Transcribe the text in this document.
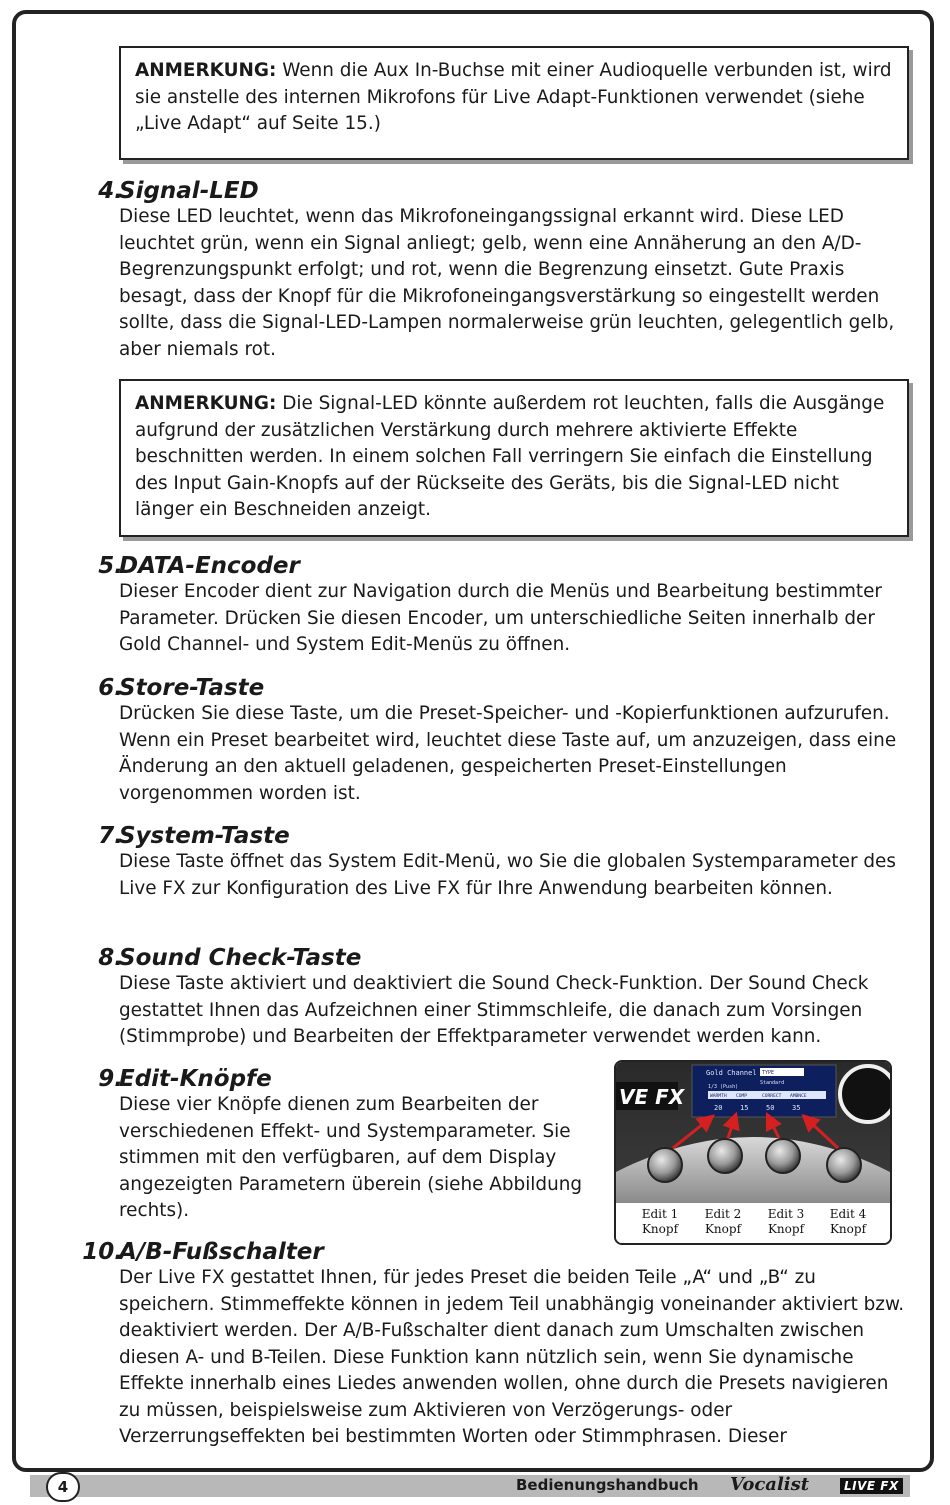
ANMERKUNG: Wenn die Aux In-Buchse mit einer Audioquelle verbunden ist, wird sie anstelle des internen Mikrofons für Live Adapt-Funktionen verwendet (siehe „Live Adapt“ auf Seite 15.)
4.
Signal-LED
Diese LED leuchtet, wenn das Mikrofoneingangssignal erkannt wird. Diese LED leuchtet grün, wenn ein Signal anliegt; gelb, wenn eine Annäherung an den A/D-Begrenzungspunkt erfolgt; und rot, wenn die Begrenzung einsetzt. Gute Praxis besagt, dass der Knopf für die Mikrofoneingangsverstärkung so eingestellt werden sollte, dass die Signal-LED-Lampen normalerweise grün leuchten, gelegentlich gelb, aber niemals rot.
ANMERKUNG: Die Signal-LED könnte außerdem rot leuchten, falls die Ausgänge aufgrund der zusätzlichen Verstärkung durch mehrere aktivierte Effekte beschnitten werden. In einem solchen Fall verringern Sie einfach die Einstellung des Input Gain-Knopfs auf der Rückseite des Geräts, bis die Signal-LED nicht länger ein Beschneiden anzeigt.
5.
DATA-Encoder
Dieser Encoder dient zur Navigation durch die Menüs und Bearbeitung bestimmter Parameter. Drücken Sie diesen Encoder, um unterschiedliche Seiten innerhalb der Gold Channel- und System Edit-Menüs zu öffnen.
6.
Store-Taste
Drücken Sie diese Taste, um die Preset-Speicher- und -Kopierfunktionen aufzurufen. Wenn ein Preset bearbeitet wird, leuchtet diese Taste auf, um anzuzeigen, dass eine Änderung an den aktuell geladenen, gespeicherten Preset-Einstellungen vorgenommen worden ist.
7.
System-Taste
Diese Taste öffnet das System Edit-Menü, wo Sie die globalen Systemparameter des Live FX zur Konfiguration des Live FX für Ihre Anwendung bearbeiten können.
8.
Sound Check-Taste
Diese Taste aktiviert und deaktiviert die Sound Check-Funktion. Der Sound Check gestattet Ihnen das Aufzeichnen einer Stimmschleife, die danach zum Vorsingen (Stimmprobe) und Bearbeiten der Effektparameter verwendet werden kann.
9.
Edit-Knöpfe
Diese vier Knöpfe dienen zum Bearbeiten der verschiedenen Effekt- und Systemparameter. Sie stimmen mit den verfügbaren, auf dem Display angezeigten Parametern überein (siehe Abbildung rechts).
VE FX
Gold Channel TYPE
Standard
1/3 (Push)
WARMTH COMP	CORRECT AMBNCE
20	15	50	35
Edit 1
Knopf
Edit 2
Knopf
Edit 3
Knopf
Edit 4
Knopf
10.
A/B-Fußschalter
Der Live FX gestattet Ihnen, für jedes Preset die beiden Teile „A“ und „B“ zu speichern. Stimmeffekte können in jedem Teil unabhängig voneinander aktiviert bzw. deaktiviert werden. Der A/B-Fußschalter dient danach zum Umschalten zwischen diesen A- und B-Teilen. Diese Funktion kann nützlich sein, wenn Sie dynamische Effekte innerhalb eines Liedes anwenden wollen, ohne durch die Presets navigieren zu müssen, beispielsweise zum Aktivieren von Verzögerungs- oder Verzerrungseffekten bei bestimmten Worten oder Stimmphrasen. Dieser
4	Bedienungshandbuch Vocalist	LIVE FX
